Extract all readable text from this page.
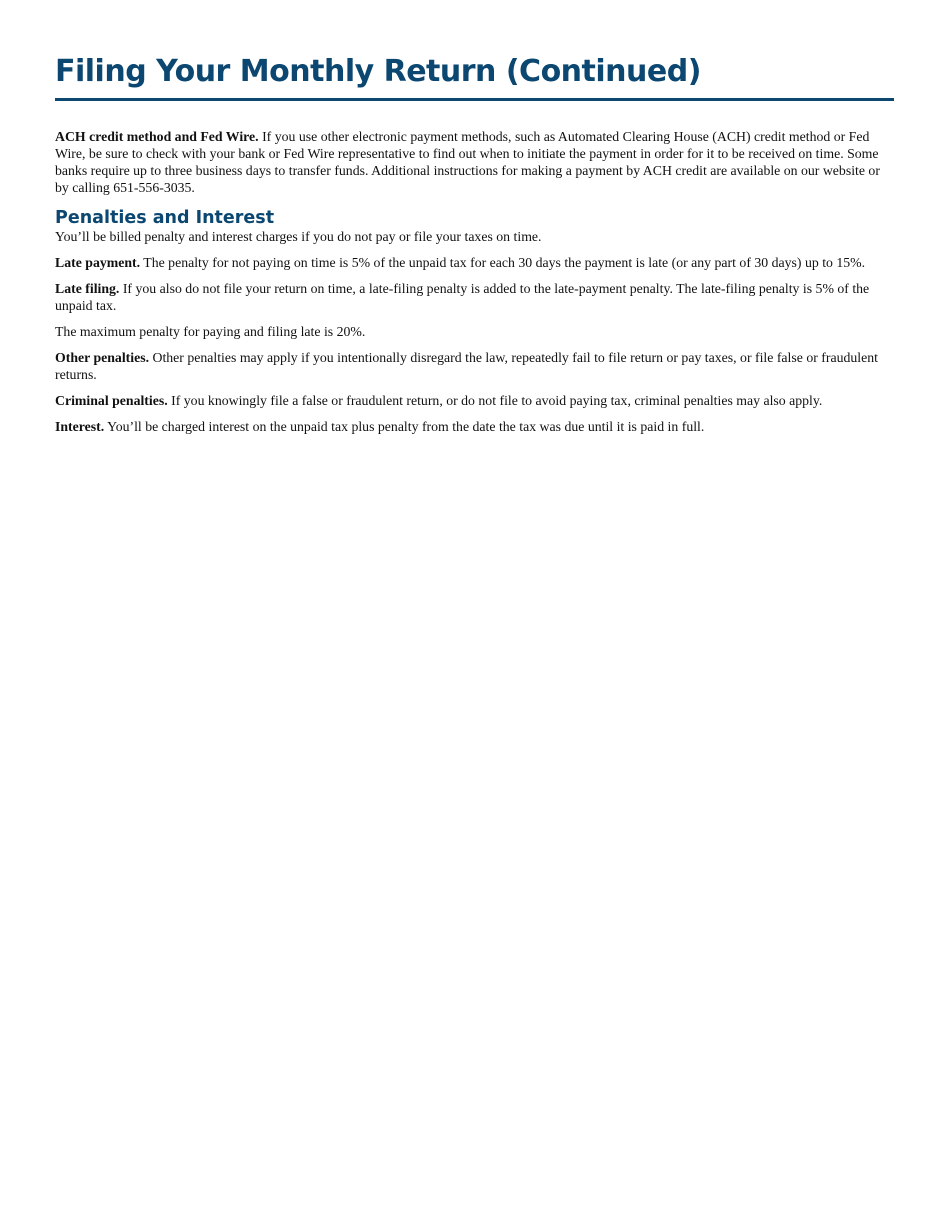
Filing Your Monthly Return (Continued)

ACH credit method and Fed Wire. If you use other electronic payment methods, such as Automated Clearing House (ACH) credit method or Fed Wire, be sure to check with your bank or Fed Wire representative to find out when to initiate the payment in order for it to be received on time. Some banks require up to three business days to transfer funds. Additional instructions for making a payment by ACH credit are available on our website or by calling 651-556-3035.

Penalties and Interest

You’ll be billed penalty and interest charges if you do not pay or file your taxes on time.

Late payment. The penalty for not paying on time is 5% of the unpaid tax for each 30 days the payment is late (or any part of 30 days) up to 15%.

Late filing. If you also do not file your return on time, a late-filing penalty is added to the late-payment penalty. The late-filing penalty is 5% of the unpaid tax.

The maximum penalty for paying and filing late is 20%.

Other penalties. Other penalties may apply if you intentionally disregard the law, repeatedly fail to file return or pay taxes, or file false or fraudulent returns.

Criminal penalties. If you knowingly file a false or fraudulent return, or do not file to avoid paying tax, criminal penalties may also apply.

Interest. You’ll be charged interest on the unpaid tax plus penalty from the date the tax was due until it is paid in full.
